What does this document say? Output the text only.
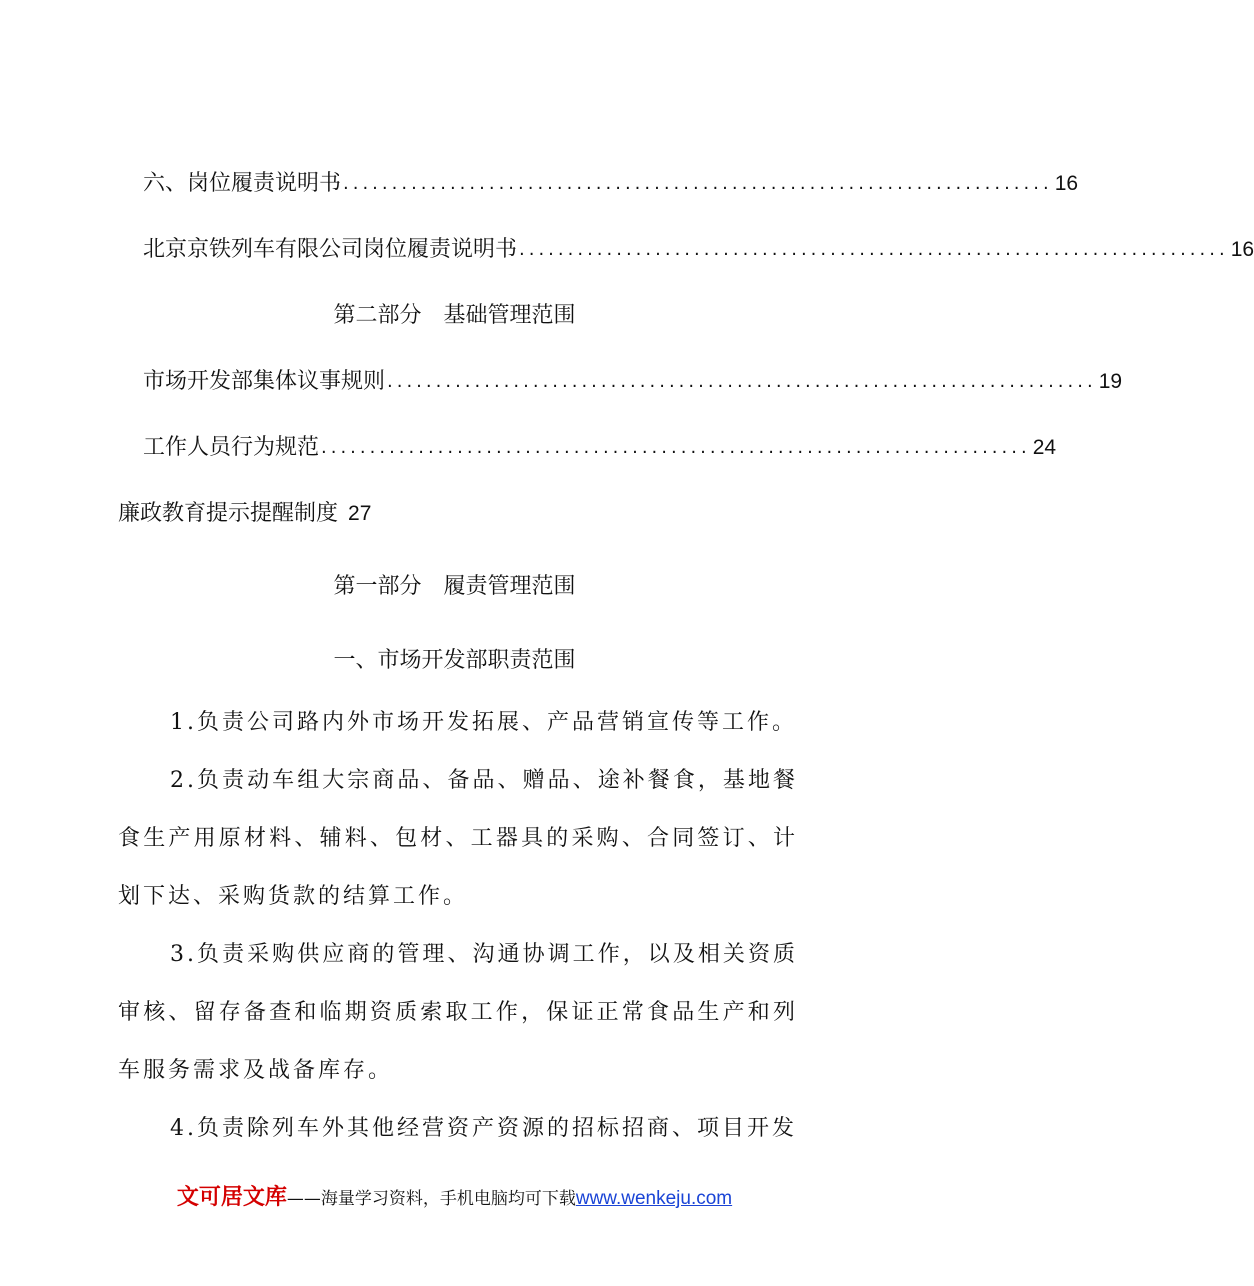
六、岗位履责说明书 ......................................................................... 16
北京京铁列车有限公司岗位履责说明书 ......................................................................... 16
第二部分　基础管理范围
市场开发部集体议事规则 ......................................................................... 19
工作人员行为规范 ......................................................................... 24
廉政教育提示提醒制度 27
第一部分　履责管理范围
一、市场开发部职责范围
1.负责公司路内外市场开发拓展、产品营销宣传等工作。
2.负责动车组大宗商品、备品、赠品、途补餐食，基地餐食生产用原材料、辅料、包材、工器具的采购、合同签订、计划下达、采购货款的结算工作。
3.负责采购供应商的管理、沟通协调工作，以及相关资质审核、留存备查和临期资质索取工作，保证正常食品生产和列车服务需求及战备库存。
4.负责除列车外其他经营资产资源的招标招商、项目开发
文可居文库——海量学习资料，手机电脑均可下载www.wenkeju.com
